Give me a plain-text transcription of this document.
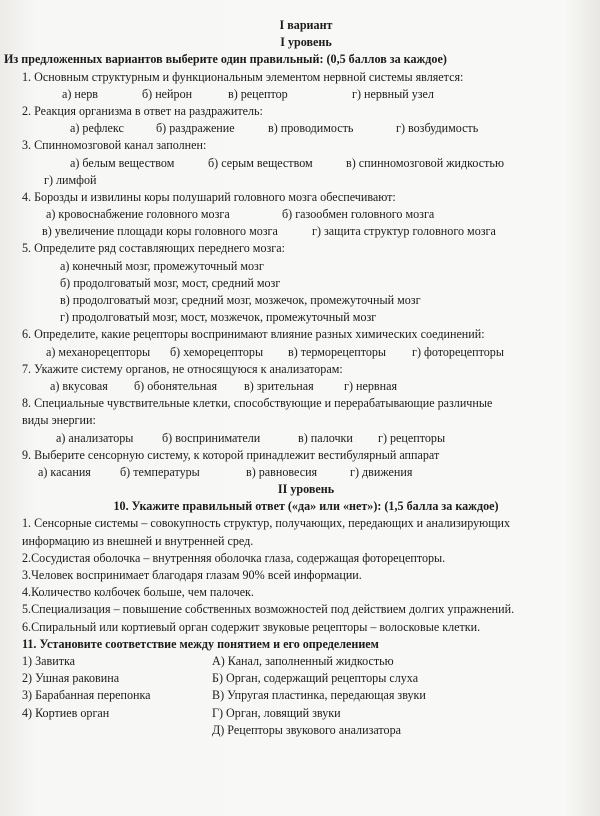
I вариант
I уровень
Из предложенных вариантов выберите один правильный: (0,5 баллов за каждое)
1. Основным структурным и функциональным элементом нервной системы является:
а) нерв	б) нейрон	в) рецептор	г) нервный узел
2. Реакция организма в ответ на раздражитель:
а) рефлекс	б) раздражение	в) проводимость	г) возбудимость
3. Спинномозговой канал заполнен:
а) белым веществом	б) серым веществом	в) спинномозговой жидкостью
г) лимфой
4. Борозды и извилины коры полушарий головного мозга обеспечивают:
а) кровоснабжение головного мозга	б) газообмен головного мозга
в) увеличение площади коры головного мозга	г) защита структур головного мозга
5. Определите ряд составляющих переднего мозга:
а) конечный мозг, промежуточный мозг
б) продолговатый мозг, мост, средний мозг
в) продолговатый мозг, средний мозг, мозжечок, промежуточный мозг
г) продолговатый мозг, мост, мозжечок, промежуточный мозг
6. Определите, какие рецепторы воспринимают влияние разных химических соединений:
а) механорецепторы	б) хеморецепторы	в) терморецепторы	г) фоторецепторы
7. Укажите систему органов, не относящуюся к анализаторам:
а) вкусовая	б) обонятельная	в) зрительная	г) нервная
8. Специальные чувствительные клетки, способствующие и перерабатывающие различные
виды энергии:
а) анализаторы	б) восприниматели	в) палочки	г) рецепторы
9. Выберите сенсорную систему, к которой принадлежит вестибулярный аппарат
а) касания	б) температуры	в) равновесия	г) движения
II уровень
10. Укажите правильный ответ («да» или «нет»): (1,5 балла за каждое)
1. Сенсорные системы – совокупность структур, получающих, передающих и анализирующих информацию из внешней и внутренней сред.
2.Сосудистая оболочка – внутренняя оболочка глаза, содержащая фоторецепторы.
3.Человек воспринимает благодаря глазам 90% всей информации.
4.Количество колбочек больше, чем палочек.
5.Специализация – повышение собственных возможностей под действием долгих упражнений.
6.Спиральный или кортиевый орган содержит звуковые рецепторы – волосковые клетки.
11. Установите соответствие между понятием и его определением
1) Завитка	А) Канал, заполненный жидкостью
2) Ушная раковина	Б) Орган, содержащий рецепторы слуха
3) Барабанная перепонка	В) Упругая пластинка, передающая звуки
4) Кортиев орган	Г) Орган, ловящий звуки
Д) Рецепторы звукового анализатора
